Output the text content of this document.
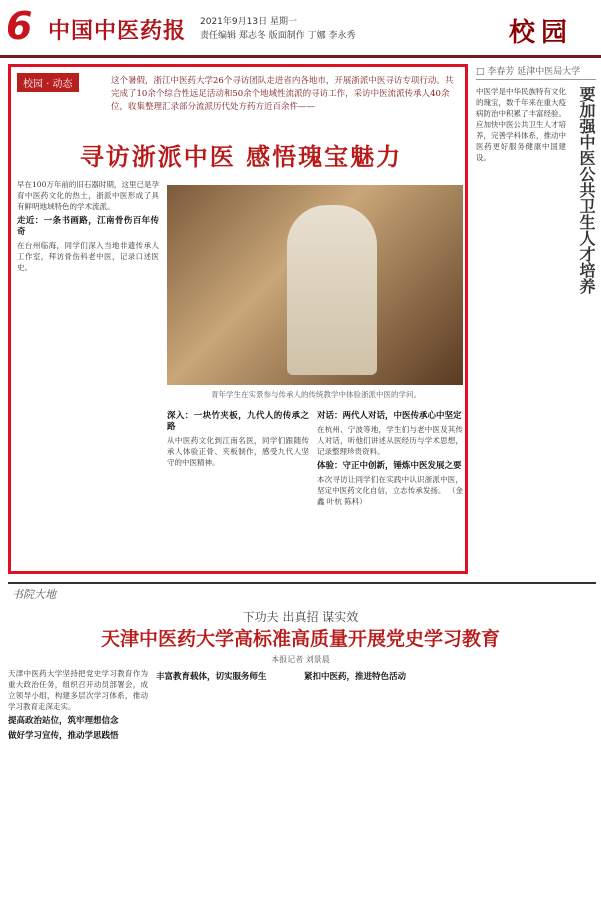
6 中国中医药报 2021年9月13日 星期一
责任编辑 郑志冬 版面制作 丁娜 李永秀	校园
校园 · 动态	这个暑假，浙江中医药大学26个寻访团队走进省内各地市，开展浙派中医寻访专项行动。共完成了10余个综合性远足活动和50余个地域性流派的寻访工作，采访中医流派传承人40余位，收集整理汇录部分流派历代处方药方近百余件——
寻访浙派中医 感悟瑰宝魅力
早在100万年前的旧石器时期，这里已是孕育中医药文化的热土，浙派中医形成了具有鲜明地域特色的学术流派。
走近：一条书画路，江南骨伤百年传奇
在台州临海，同学们深入当地非遗传承人工作室，拜访骨伤科老中医，记录口述医史。
青年学生在实景参与传承人的传统教学中体验浙派中医的学问。
深入：一块竹夹板，九代人的传承之路
从中医药文化到江南名医，同学们跟随传承人体验正骨、夹板制作，感受九代人坚守的中医精神。
对话：两代人对话，中医传承心中坚定
在杭州、宁波等地，学生们与老中医及其传人对话，听他们讲述从医经历与学术思想，记录整理珍贵资料。
体验：守正中创新，锤炼中医发展之要
本次寻访让同学们在实践中认识浙派中医，坚定中医药文化自信，立志传承发扬。 （金鑫 叶杭 陈科）
□ 李春芳 延津中医局大学
要加强中医公共卫生人才培养
中医学是中华民族特有文化的瑰宝，数千年来在重大疫病防治中积累了丰富经验。应加快中医公共卫生人才培养，完善学科体系，推动中医药更好服务健康中国建设。
书院大地
下功夫 出真招 谋实效
天津中医药大学高标准高质量开展党史学习教育
本报记者 刘景晨
天津中医药大学坚持把党史学习教育作为重大政治任务，组织召开动员部署会，成立领导小组，构建多层次学习体系，推动学习教育走深走实。
提高政治站位，筑牢理想信念
做好学习宣传，推动学思践悟
丰富教育载体，切实服务师生	紧扣中医药，推进特色活动
